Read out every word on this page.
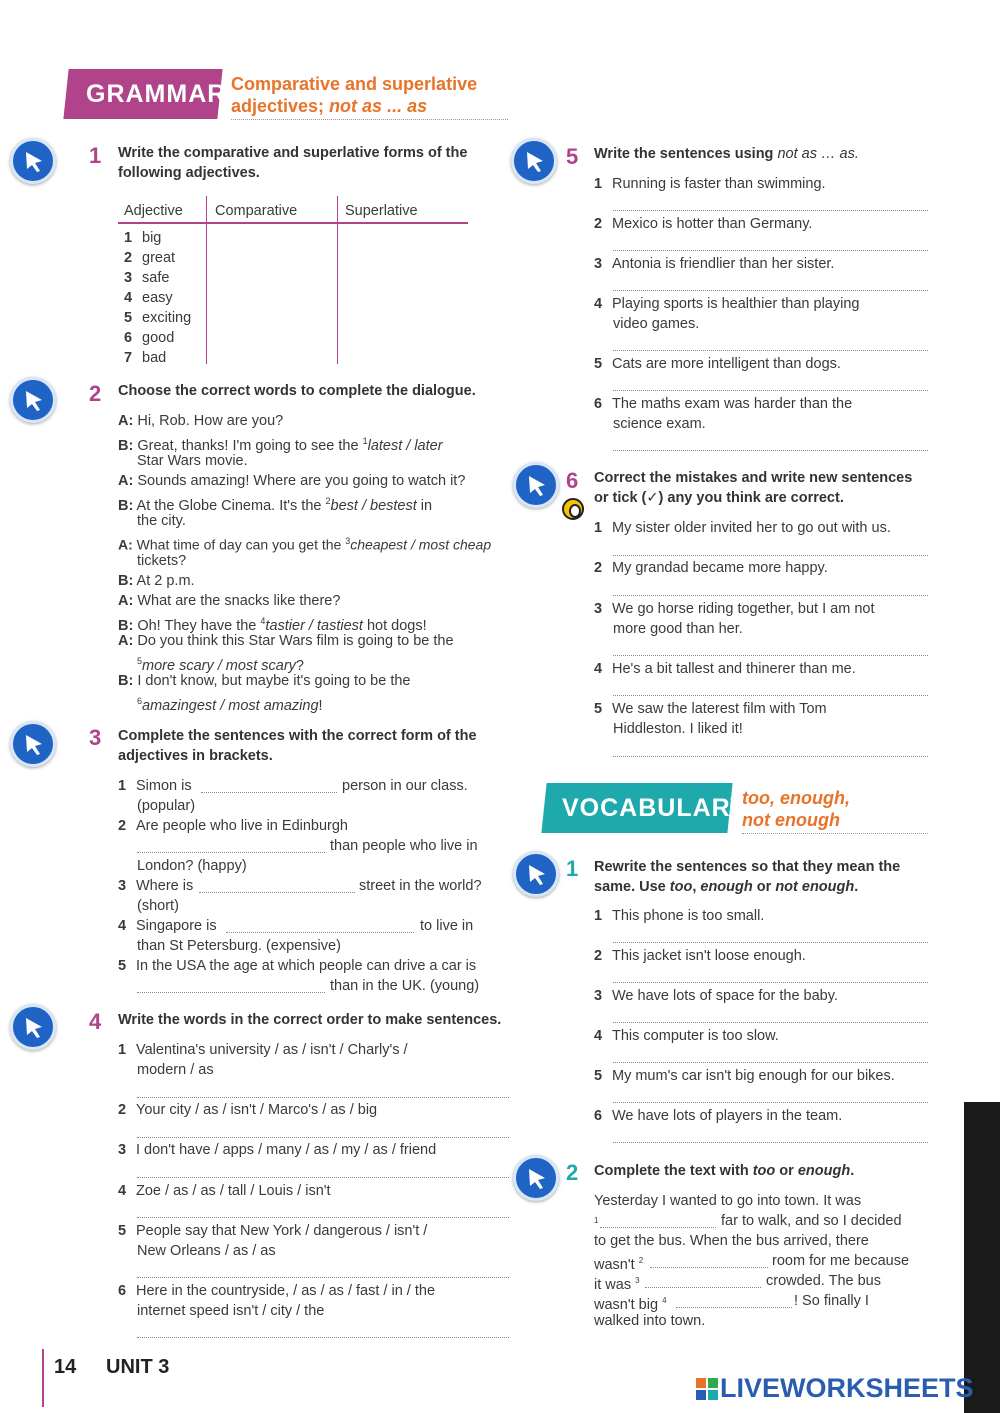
GRAMMAR Comparative and superlative
adjectives; not as ... as
1 Write the comparative and superlative forms of the
following adjectives.
Adjective Comparative	Superlative
1 big
2 great
3 safe
4 easy
5 exciting
6 good
7 bad
2 Choose the correct words to complete the dialogue.
A: Hi, Rob. How are you?
B: Great, thanks! I'm going to see the $^1$latest / later
Star Wars movie.
A: Sounds amazing! Where are you going to watch it?
B: At the Globe Cinema. It's the $^2$best / bestest in
the city.
A: What time of day can you get the $^3$cheapest / most cheap
tickets?
B: At 2 p.m.
A: What are the snacks like there?
B: Oh! They have the $^4$tastier / tastiest hot dogs!
A: Do you think this Star Wars film is going to be the
$^5$more scary / most scary?
B: I don't know, but maybe it's going to be the
$^6$amazingest / most amazing!
3 Complete the sentences with the correct form of the
adjectives in brackets.
1 Simon is	person in our class.
(popular)
2 Are people who live in Edinburgh
than people who live in
London? (happy)
3 Where is	street in the world?
(short)
4 Singapore is	to live in
than St Petersburg. (expensive)
5 In the USA the age at which people can drive a car is
than in the UK. (young)
4 Write the words in the correct order to make sentences.
1 Valentina's university / as / isn't / Charly's /
modern / as
2 Your city / as / isn't / Marco's / as / big
3 I don't have / apps / many / as / my / as / friend
4 Zoe / as / as / tall / Louis / isn't
5 People say that New York / dangerous / isn't /
New Orleans / as / as
6 Here in the countryside, / as / as / fast / in / the
internet speed isn't / city / the
5 Write the sentences using not as … as.
1 Running is faster than swimming.
2 Mexico is hotter than Germany.
3 Antonia is friendlier than her sister.
4 Playing sports is healthier than playing
video games.
5 Cats are more intelligent than dogs.
6 The maths exam was harder than the
science exam.
6 Correct the mistakes and write new sentences
or tick (✓) any you think are correct.
1 My sister older invited her to go out with us.
2 My grandad became more happy.
3 We go horse riding together, but I am not
more good than her.
4 He's a bit tallest and thinerer than me.
5 We saw the laterest film with Tom
Hiddleston. I liked it!
VOCABULARY
too, enough,
not enough
1 Rewrite the sentences so that they mean the
same. Use too, enough or not enough.
1 This phone is too small.
2 This jacket isn't loose enough.
3 We have lots of space for the baby.
4 This computer is too slow.
5 My mum's car isn't big enough for our bikes.
6 We have lots of players in the team.
2 Complete the text with too or enough.
Yesterday I wanted to go into town. It was
$^1$	far to walk, and so I decided
to get the bus. When the bus arrived, there
wasn't $^2$	room for me because
it was $^3$	crowded. The bus
wasn't big $^4$	! So finally I
walked into town.
14 UNIT 3
LIVEWORKSHEETS
